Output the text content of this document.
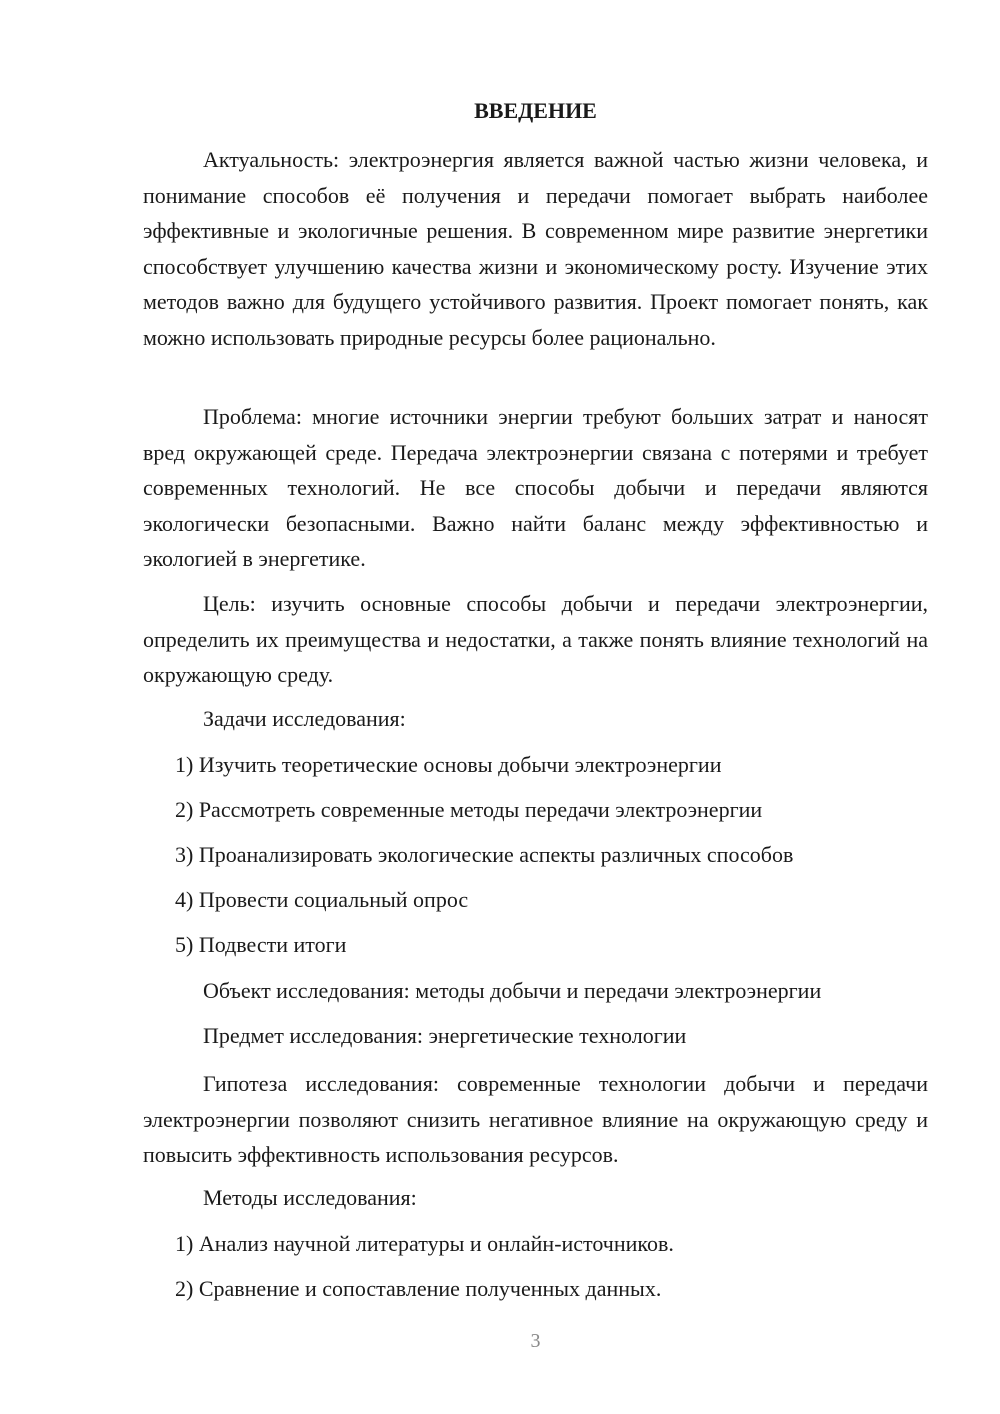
ВВЕДЕНИЕ

Актуальность: электроэнергия является важной частью жизни человека, и понимание способов её получения и передачи помогает выбрать наиболее эффективные и экологичные решения. В современном мире развитие энергетики способствует улучшению качества жизни и экономическому росту. Изучение этих методов важно для будущего устойчивого развития. Проект помогает понять, как можно использовать природные ресурсы более рационально.

Проблема: многие источники энергии требуют больших затрат и наносят вред окружающей среде. Передача электроэнергии связана с потерями и требует современных технологий. Не все способы добычи и передачи являются экологически безопасными. Важно найти баланс между эффективностью и экологией в энергетике.

Цель: изучить основные способы добычи и передачи электроэнергии, определить их преимущества и недостатки, а также понять влияние технологий на окружающую среду.

Задачи исследования:

1) Изучить теоретические основы добычи электроэнергии

2) Рассмотреть современные методы передачи электроэнергии

3) Проанализировать экологические аспекты различных способов

4) Провести социальный опрос

5) Подвести итоги

Объект исследования: методы добычи и передачи электроэнергии

Предмет исследования: энергетические технологии

Гипотеза исследования: современные технологии добычи и передачи электроэнергии позволяют снизить негативное влияние на окружающую среду и повысить эффективность использования ресурсов.

Методы исследования:

1) Анализ научной литературы и онлайн-источников.

2) Сравнение и сопоставление полученных данных.

3
